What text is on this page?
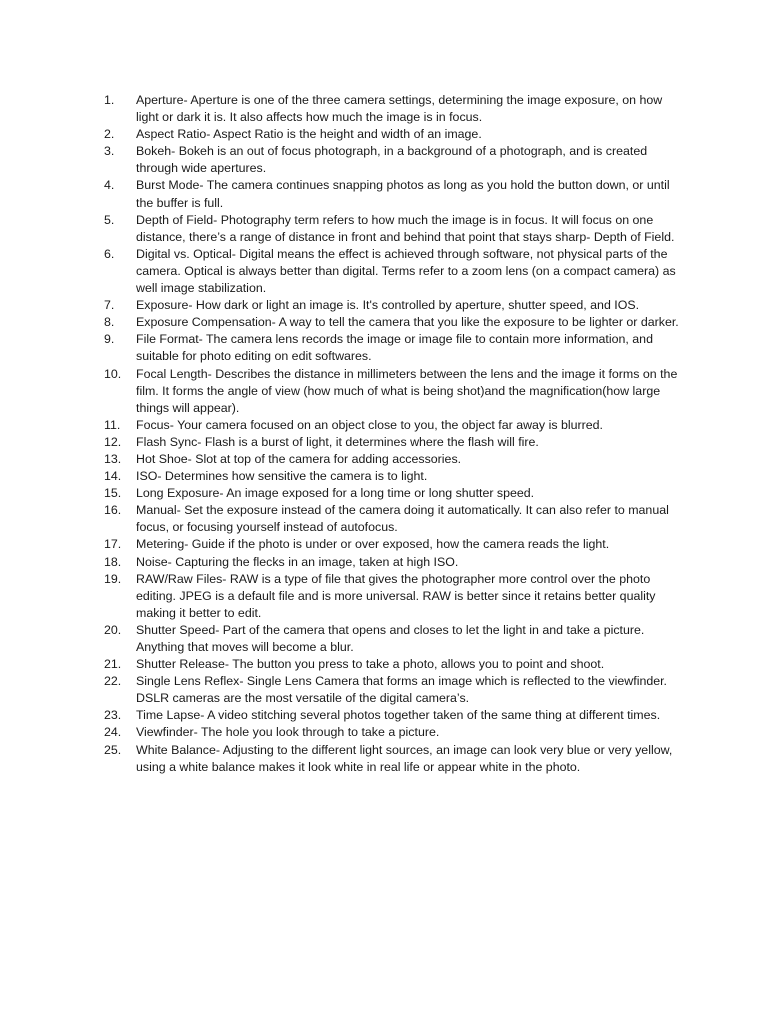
1.	Aperture- Aperture is one of the three camera settings, determining the image exposure, on how light or dark it is. It also affects how much the image is in focus.
2.	Aspect Ratio- Aspect Ratio is the height and width of an image.
3.	Bokeh- Bokeh is an out of focus photograph, in a background of a photograph, and is created through wide apertures.
4.	Burst Mode- The camera continues snapping photos as long as you hold the button down, or until the buffer is full.
5.	Depth of Field- Photography term refers to how much the image is in focus. It will focus on one distance, there’s a range of distance in front and behind that point that stays sharp- Depth of Field.
6.	Digital vs. Optical- Digital means the effect is achieved through software, not physical parts of the camera. Optical is always better than digital. Terms refer to a zoom lens (on a compact camera) as well image stabilization.
7.	Exposure- How dark or light an image is. It's controlled by aperture, shutter speed, and IOS.
8.	Exposure Compensation- A way to tell the camera that you like the exposure to be lighter or darker.
9.	File Format- The camera lens records the image or image file to contain more information, and suitable for photo editing on edit softwares.
10.	Focal Length- Describes the distance in millimeters between the lens and the image it forms on the film. It forms the angle of view (how much of what is being shot)and the magnification(how large things will appear).
11.	Focus- Your camera focused on an object close to you, the object far away is blurred.
12.	Flash Sync- Flash is a burst of light, it determines where the flash will fire.
13.	Hot Shoe- Slot at top of the camera for adding accessories.
14.	ISO- Determines how sensitive the camera is to light.
15.	Long Exposure- An image exposed for a long time or long shutter speed.
16.	Manual- Set the exposure instead of the camera doing it automatically. It can also refer to manual focus, or focusing yourself instead of autofocus.
17.	Metering- Guide if the photo is under or over exposed, how the camera reads the light.
18.	Noise- Capturing the flecks in an image, taken at high ISO.
19.	RAW/Raw Files- RAW is a type of file that gives the photographer more control over the photo editing. JPEG is a default file and is more universal. RAW is better since it retains better quality making it better to edit.
20.	Shutter Speed- Part of the camera that opens and closes to let the light in and take a picture. Anything that moves will become a blur.
21.	Shutter Release- The button you press to take a photo, allows you to point and shoot.
22.	Single Lens Reflex- Single Lens Camera that forms an image which is reflected to the viewfinder. DSLR cameras are the most versatile of the digital camera’s.
23.	Time Lapse- A video stitching several photos together taken of the same thing at different times.
24.	Viewfinder- The hole you look through to take a picture.
25.	White Balance- Adjusting to the different light sources, an image can look very blue or very yellow, using a white balance makes it look white in real life or appear white in the photo.
